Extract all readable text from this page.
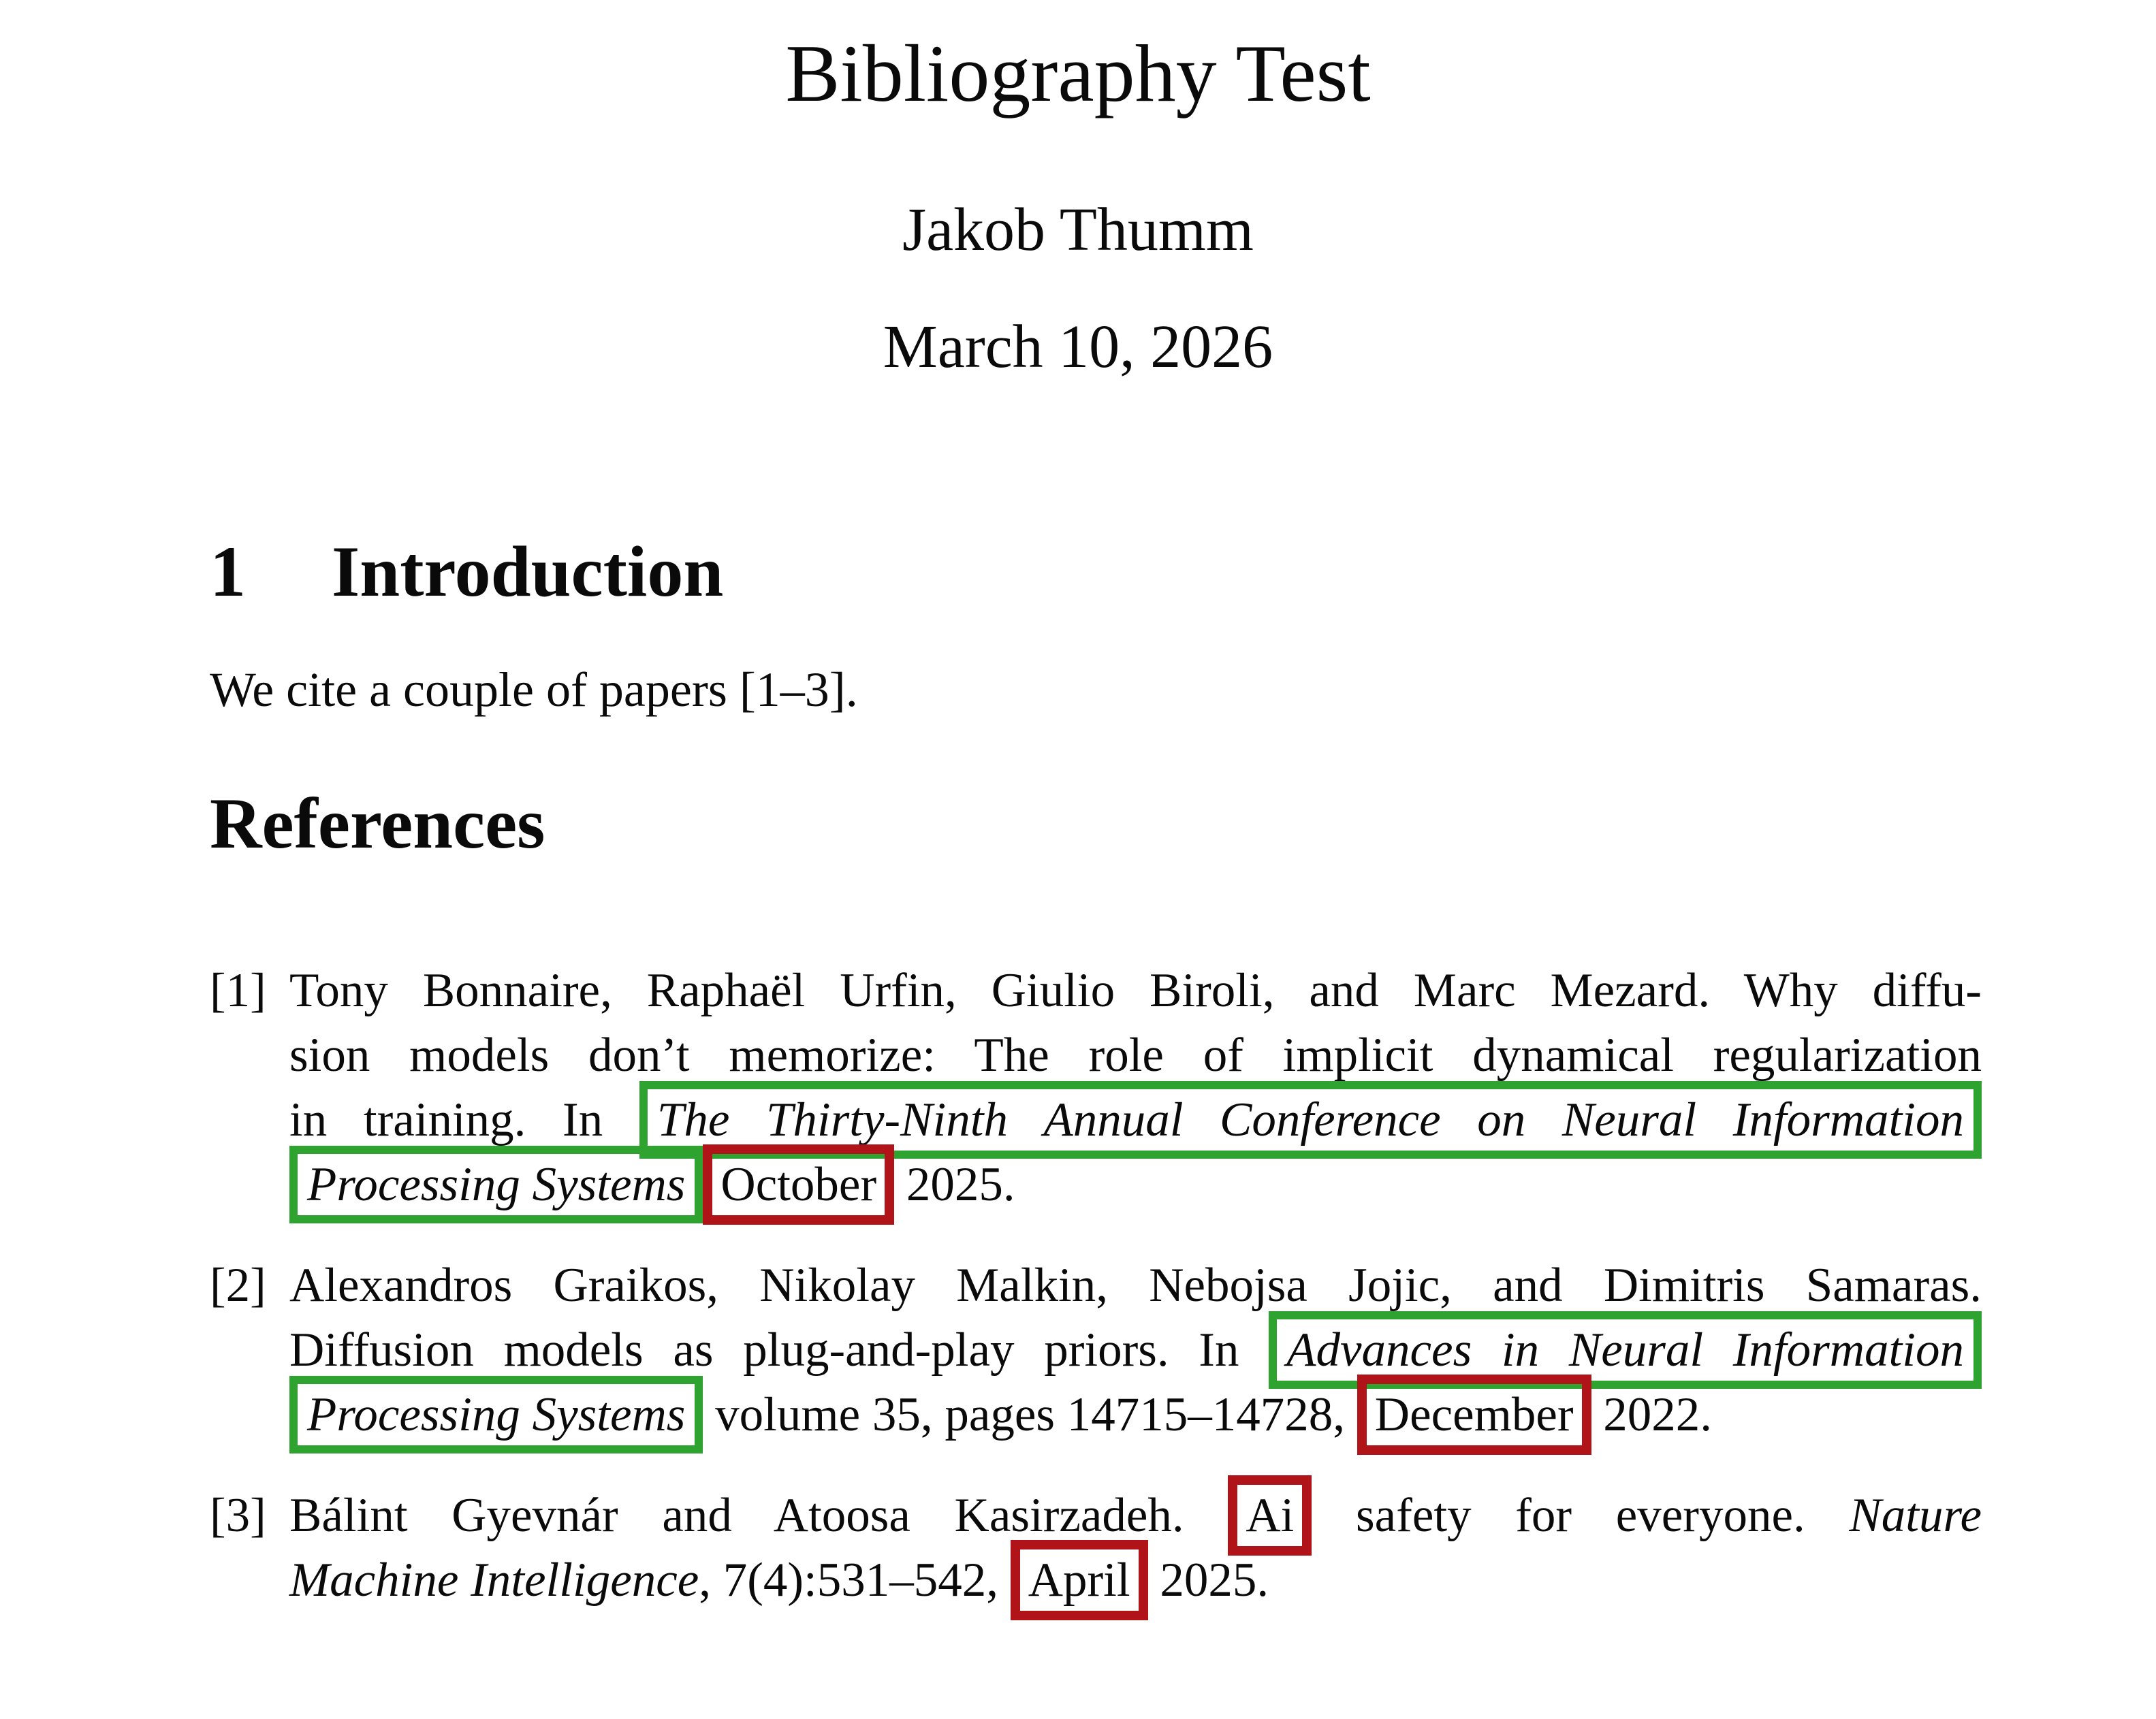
Bibliography Test
Jakob Thumm
March 10, 2026
1 Introduction
We cite a couple of papers [1–3].
References
[1] Tony Bonnaire, Raphaël Urfin, Giulio Biroli, and Marc Mezard. Why diffu-
sion models don’t memorize: The role of implicit dynamical regularization
in training. In The Thirty-Ninth Annual Conference on Neural Information
Processing Systems October 2025.
[2] Alexandros Graikos, Nikolay Malkin, Nebojsa Jojic, and Dimitris Samaras.
Diffusion models as plug-and-play priors. In Advances in Neural Information
Processing Systems volume 35, pages 14715–14728, December 2022.
[3] Bálint Gyevnár and Atoosa Kasirzadeh. Ai safety for everyone. Nature
Machine Intelligence, 7(4):531–542, April 2025.
